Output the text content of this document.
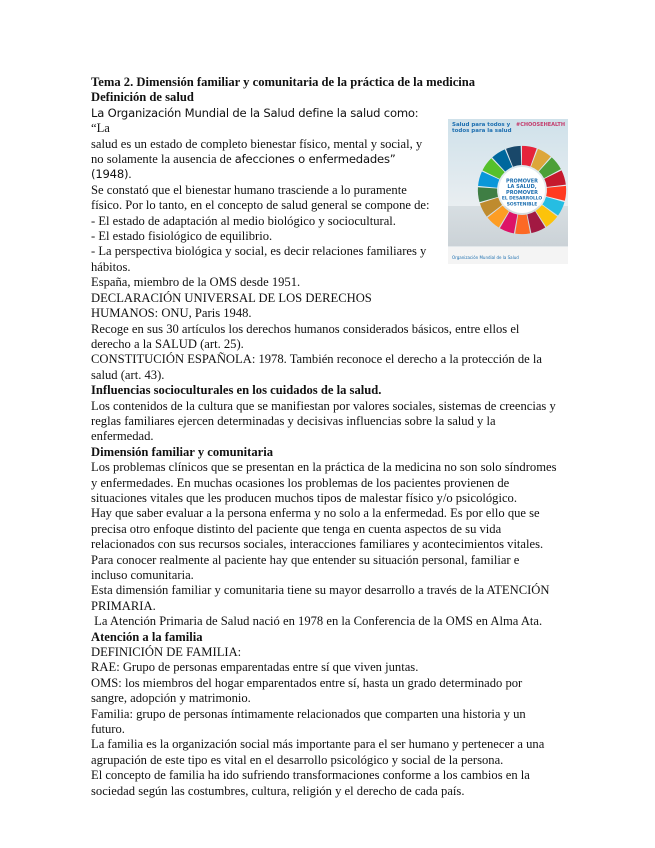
Salud para todos y todos para la salud
#CHOOSEHEALTH
PROMOVER
LA SALUD,
PROMOVER
EL DESARROLLO
SOSTENIBLE
Organización Mundial de la Salud

Tema 2. Dimensión familiar y comunitaria de la práctica de la medicina

Definición de salud

La Organización Mundial de la Salud define la salud como: “La

salud es un estado de completo bienestar físico, mental y social, y

no solamente la ausencia de afecciones o enfermedades” (1948).

Se constató que el bienestar humano trasciende a lo puramente

físico. Por lo tanto, en el concepto de salud general se compone de:

- El estado de adaptación al medio biológico y sociocultural.

- El estado fisiológico de equilibrio.

- La perspectiva biológica y social, es decir relaciones familiares y

hábitos.

España, miembro de la OMS desde 1951.

DECLARACIÓN UNIVERSAL DE LOS DERECHOS

HUMANOS: ONU, Paris 1948.

Recoge en sus 30 artículos los derechos humanos considerados básicos, entre ellos el derecho a la SALUD (art. 25).

CONSTITUCIÓN ESPAÑOLA: 1978. También reconoce el derecho a la protección de la salud (art. 43).

Influencias socioculturales en los cuidados de la salud.

Los contenidos de la cultura que se manifiestan por valores sociales, sistemas de creencias y reglas familiares ejercen determinadas y decisivas influencias sobre la salud y la enfermedad.

Dimensión familiar y comunitaria

Los problemas clínicos que se presentan en la práctica de la medicina no son solo síndromes y enfermedades. En muchas ocasiones los problemas de los pacientes provienen de situaciones vitales que les producen muchos tipos de malestar físico y/o psicológico.

Hay que saber evaluar a la persona enferma y no solo a la enfermedad. Es por ello que se precisa otro enfoque distinto del paciente que tenga en cuenta aspectos de su vida relacionados con sus recursos sociales, interacciones familiares y acontecimientos vitales.

Para conocer realmente al paciente hay que entender su situación personal, familiar e incluso comunitaria.

Esta dimensión familiar y comunitaria tiene su mayor desarrollo a través de la ATENCIÓN PRIMARIA.

La Atención Primaria de Salud nació en 1978 en la Conferencia de la OMS en Alma Ata.

Atención a la familia

DEFINICIÓN DE FAMILIA:

RAE: Grupo de personas emparentadas entre sí que viven juntas.

OMS: los miembros del hogar emparentados entre sí, hasta un grado determinado por sangre, adopción y matrimonio.

Familia: grupo de personas íntimamente relacionados que comparten una historia y un futuro.

La familia es la organización social más importante para el ser humano y pertenecer a una agrupación de este tipo es vital en el desarrollo psicológico y social de la persona.

El concepto de familia ha ido sufriendo transformaciones conforme a los cambios en la sociedad según las costumbres, cultura, religión y el derecho de cada país.
